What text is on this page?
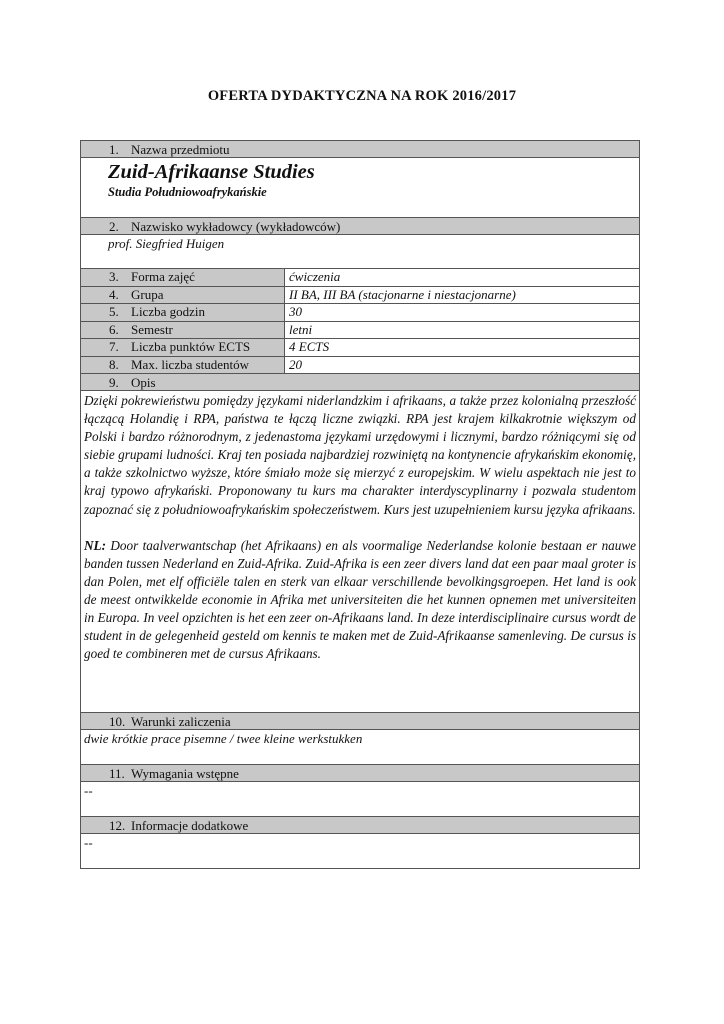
OFERTA DYDAKTYCZNA NA ROK 2016/2017
1. Nazwa przedmiotu
Zuid-Afrikaanse Studies
Studia Południowoafrykańskie
2. Nazwisko wykładowcy (wykładowców)
prof. Siegfried Huigen
3. Forma zajęć	ćwiczenia
4. Grupa	II BA, III BA (stacjonarne i niestacjonarne)
5. Liczba godzin	30
6. Semestr	letni
7. Liczba punktów ECTS	4 ECTS
8. Max. liczba studentów	20
9. Opis

Dzięki pokrewieństwu pomiędzy językami niderlandzkim i afrikaans, a także przez kolonialną przeszłość łączącą Holandię i RPA, państwa te łączą liczne związki. RPA jest krajem kilkakrotnie większym od Polski i bardzo różnorodnym, z jedenastoma językami urzędowymi i licznymi, bardzo różniącymi się od siebie grupami ludności. Kraj ten posiada najbardziej rozwiniętą na kontynencie afrykańskim ekonomię, a także szkolnictwo wyższe, które śmiało może się mierzyć z europejskim. W wielu aspektach nie jest to kraj typowo afrykański. Proponowany tu kurs ma charakter interdyscyplinarny i pozwala studentom zapoznać się z południowoafrykańskim społeczeństwem. Kurs jest uzupełnieniem kursu języka afrikaans.

NL: Door taalverwantschap (het Afrikaans) en als voormalige Nederlandse kolonie bestaan er nauwe banden tussen Nederland en Zuid-Afrika. Zuid-Afrika is een zeer divers land dat een paar maal groter is dan Polen, met elf officiële talen en sterk van elkaar verschillende bevolkingsgroepen. Het land is ook de meest ontwikkelde economie in Afrika met universiteiten die het kunnen opnemen met universiteiten in Europa. In veel opzichten is het een zeer on-Afrikaans land. In deze interdisciplinaire cursus wordt de student in de gelegenheid gesteld om kennis te maken met de Zuid-Afrikaanse samenleving. De cursus is goed te combineren met de cursus Afrikaans.

10. Warunki zaliczenia
dwie krótkie prace pisemne / twee kleine werkstukken
11. Wymagania wstępne
--
12. Informacje dodatkowe
--
